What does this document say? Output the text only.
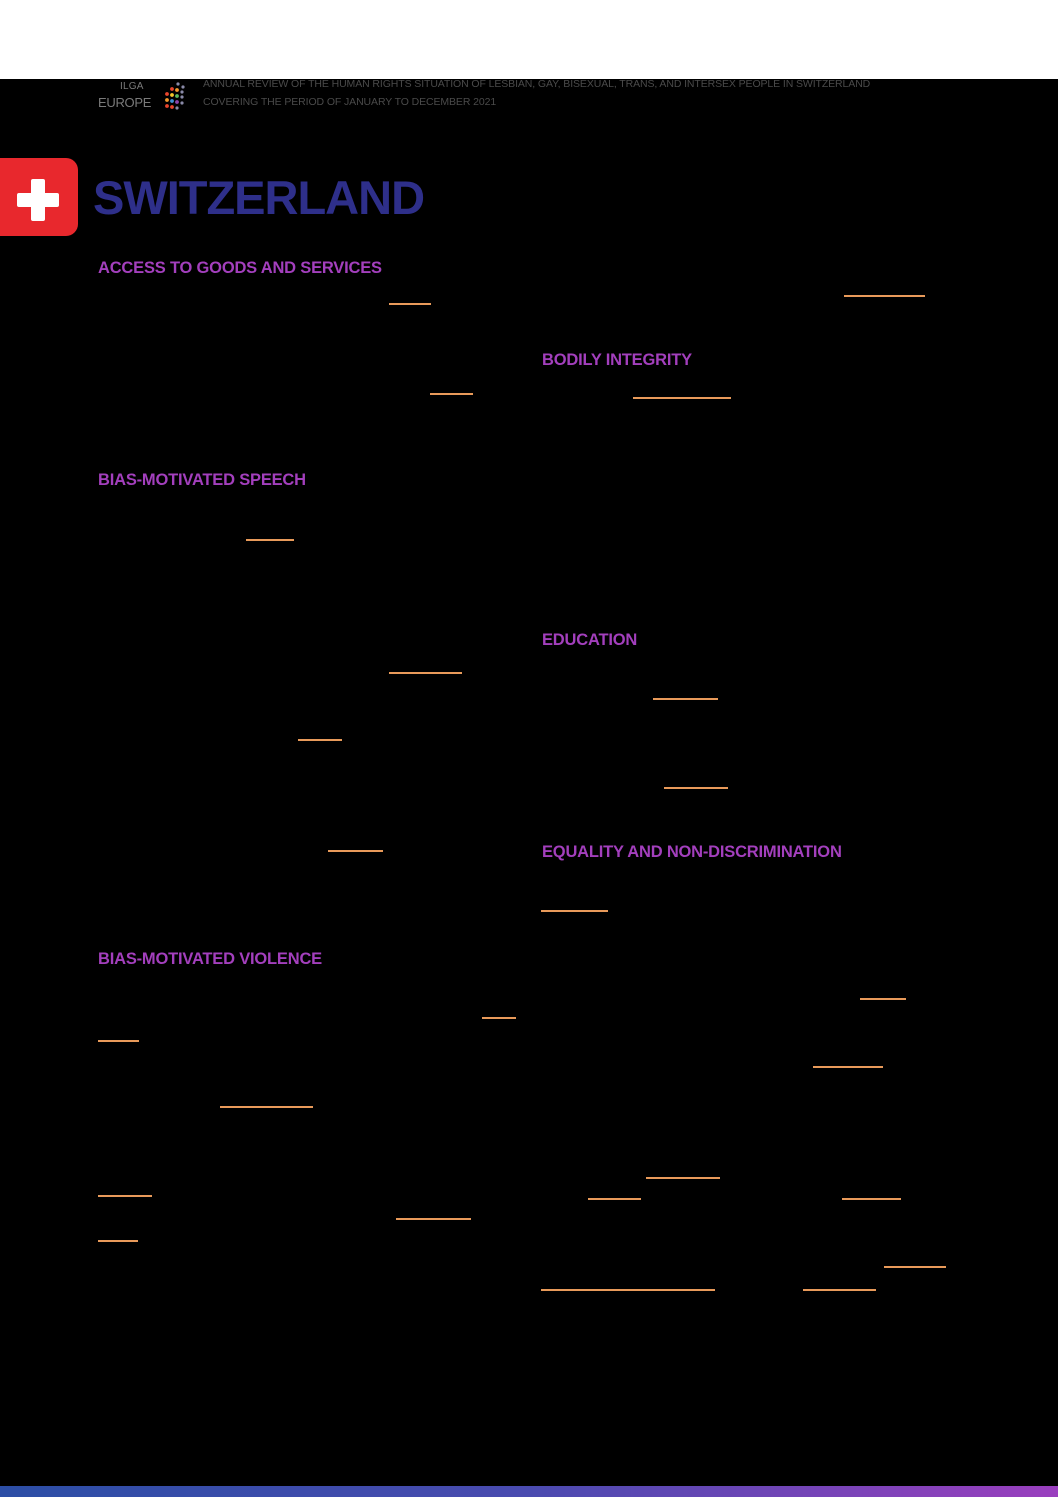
ILGA
EUROPE
ANNUAL REVIEW OF THE HUMAN RIGHTS SITUATION OF LESBIAN, GAY, BISEXUAL, TRANS, AND INTERSEX PEOPLE IN SWITZERLAND
COVERING THE PERIOD OF JANUARY TO DECEMBER 2021
SWITZERLAND
ACCESS TO GOODS AND SERVICES
BIAS-MOTIVATED SPEECH
BIAS-MOTIVATED VIOLENCE
BODILY INTEGRITY
EDUCATION
EQUALITY AND NON-DISCRIMINATION
